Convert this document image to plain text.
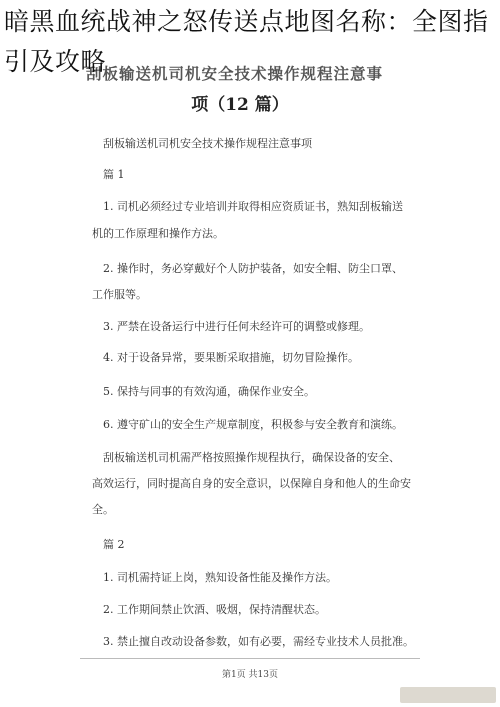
暗黑血统战神之怒传送点地图名称：全图指
引及攻略
刮板输送机司机安全技术操作规程注意事
项（12 篇）
刮板输送机司机安全技术操作规程注意事项
篇 1
1. 司机必须经过专业培训并取得相应资质证书，熟知刮板输送
机的工作原理和操作方法。
2. 操作时，务必穿戴好个人防护装备，如安全帽、防尘口罩、
工作服等。
3. 严禁在设备运行中进行任何未经许可的调整或修理。
4. 对于设备异常，要果断采取措施，切勿冒险操作。
5. 保持与同事的有效沟通，确保作业安全。
6. 遵守矿山的安全生产规章制度，积极参与安全教育和演练。
刮板输送机司机需严格按照操作规程执行，确保设备的安全、
高效运行，同时提高自身的安全意识，以保障自身和他人的生命安
全。
篇 2
1. 司机需持证上岗，熟知设备性能及操作方法。
2. 工作期间禁止饮酒、吸烟，保持清醒状态。
3. 禁止擅自改动设备参数，如有必要，需经专业技术人员批准。
第1页 共13页
